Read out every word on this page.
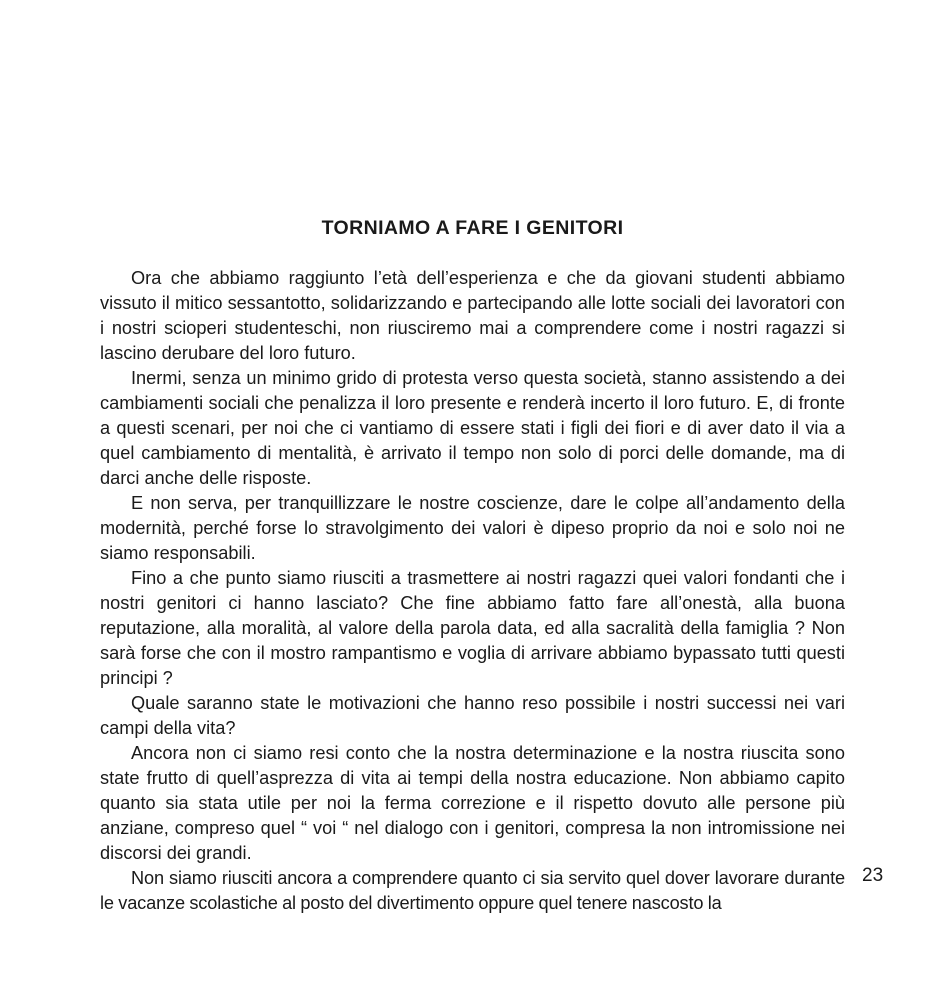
TORNIAMO A FARE I GENITORI

Ora che abbiamo raggiunto l’età dell’esperienza e che da giovani studenti abbiamo vissuto il mitico sessantotto, solidarizzando e partecipando alle lotte sociali dei lavoratori con i nostri scioperi studenteschi, non riusciremo mai a comprendere come i nostri ragazzi si lascino derubare del loro futuro.

Inermi, senza un minimo grido di protesta verso questa società, stanno assistendo a dei cambiamenti sociali che penalizza il loro presente e renderà incerto il loro futuro. E, di fronte a questi scenari, per noi che ci vantiamo di essere stati i figli dei fiori e di aver dato il via a quel cambiamento di mentalità, è arrivato il tempo non solo di porci delle domande, ma di darci anche delle risposte.

E non serva, per tranquillizzare le nostre coscienze, dare le colpe all’andamento della modernità, perché forse lo stravolgimento dei valori è dipeso proprio da noi e solo noi ne siamo responsabili.

Fino a che punto siamo riusciti a trasmettere ai nostri ragazzi quei valori fondanti che i nostri genitori ci hanno lasciato? Che fine abbiamo fatto fare all’onestà, alla buona reputazione, alla moralità, al valore della parola data, ed alla sacralità della famiglia ? Non sarà forse che con il mostro rampantismo e voglia di arrivare abbiamo bypassato tutti questi principi ?

Quale saranno state le motivazioni che hanno reso possibile i nostri successi nei vari campi della vita?

Ancora non ci siamo resi conto che la nostra determinazione e la nostra riuscita sono state frutto di quell’asprezza di vita ai tempi della nostra educazione. Non abbiamo capito quanto sia stata utile per noi la ferma correzione e il rispetto dovuto alle persone più anziane, compreso quel “ voi “ nel dialogo con i genitori, compresa la non intromissione nei discorsi dei grandi.

Non siamo riusciti ancora a comprendere quanto ci sia servito quel dover lavorare durante le vacanze scolastiche al posto del divertimento oppure quel tenere nascosto la

23
